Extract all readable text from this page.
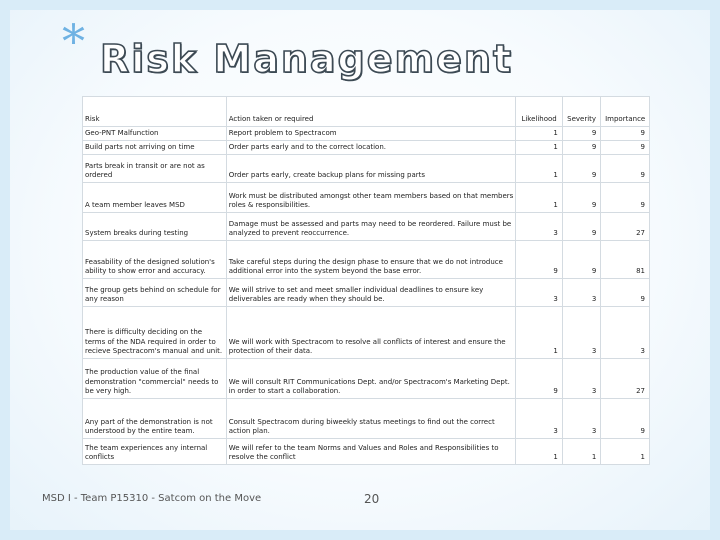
* Risk Management
Risk	Action taken or required	Likelihood	Severity	Importance
Geo-PNT Malfunction	Report problem to Spectracom	1	9	9
Build parts not arriving on time	Order parts early and to the correct location.	1	9	9
Parts break in transit or are not as ordered	Order parts early, create backup plans for missing parts	1	9	9
A team member leaves MSD	Work must be distributed amongst other team members based on that members roles & responsibilities.	1	9	9
System breaks during testing	Damage must be assessed and parts may need to be reordered. Failure must be analyzed to prevent reoccurrence.	3	9	27
Feasability of the designed solution's ability to show error and accuracy.	Take careful steps during the design phase to ensure that we do not introduce additional error into the system beyond the base error.	9	9	81
The group gets behind on schedule for any reason	We will strive to set and meet smaller individual deadlines to ensure key deliverables are ready when they should be.	3	3	9
There is difficulty deciding on the terms of the NDA required in order to recieve Spectracom's manual and unit.	We will work with Spectracom to resolve all conflicts of interest and ensure the protection of their data.	1	3	3
The production value of the final demonstration "commercial" needs to be very high.	We will consult RIT Communications Dept. and/or Spectracom's Marketing Dept. in order to start a collaboration.	9	3	27
Any part of the demonstration is not understood by the entire team.	Consult Spectracom during biweekly status meetings to find out the correct action plan.	3	3	9
The team experiences any internal conflicts	We will refer to the team Norms and Values and Roles and Responsibilities to resolve the conflict	1	1	1
MSD I - Team P15310 - Satcom on the Move	20
